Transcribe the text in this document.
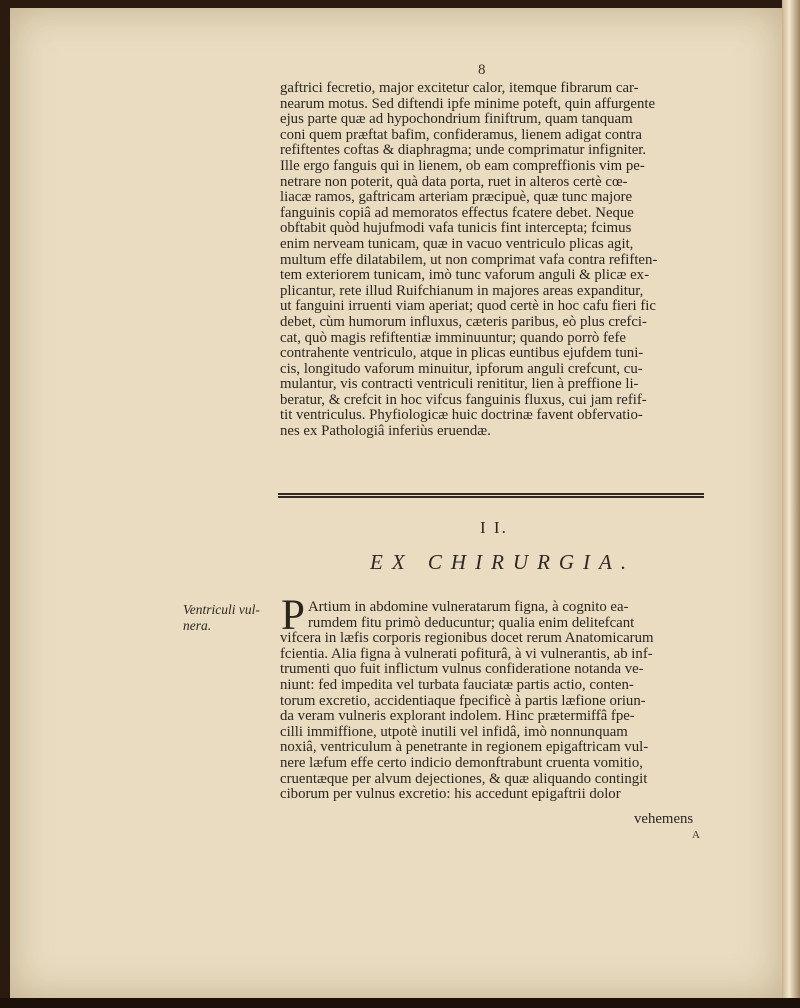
8
gaftrici fecretio, major excitetur calor, itemque fibrarum car-
nearum motus. Sed diftendi ipfe minime poteft, quin affurgente
ejus parte quæ ad hypochondrium finiftrum, quam tanquam
coni quem præftat bafim, confideramus, lienem adigat contra
refiftentes coftas & diaphragma; unde comprimatur infigniter.
Ille ergo fanguis qui in lienem, ob eam compreffionis vim pe-
netrare non poterit, quà data porta, ruet in alteros certè cœ-
liacæ ramos, gaftricam arteriam præcipuè, quæ tunc majore
fanguinis copiâ ad memoratos effectus fcatere debet. Neque
obftabit quòd hujufmodi vafa tunicis fint intercepta; fcimus
enim nerveam tunicam, quæ in vacuo ventriculo plicas agit,
multum effe dilatabilem, ut non comprimat vafa contra refiften-
tem exteriorem tunicam, imò tunc vaforum anguli & plicæ ex-
plicantur, rete illud Ruifchianum in majores areas expanditur,
ut fanguini irruenti viam aperiat; quod certè in hoc cafu fieri fic
debet, cùm humorum influxus, cæteris paribus, eò plus crefci-
cat, quò magis refiftentiæ imminuuntur; quando porrò fefe
contrahente ventriculo, atque in plicas euntibus ejufdem tuni-
cis, longitudo vaforum minuitur, ipforum anguli crefcunt, cu-
mulantur, vis contracti ventriculi renititur, lien à preffione li-
beratur, & crefcit in hoc vifcus fanguinis fluxus, cui jam refif-
tit ventriculus. Phyfiologicæ huic doctrinæ favent obfervatio-
nes ex Pathologiâ inferiùs eruendæ.
I I.
EX CHIRURGIA.
Ventriculi vul-nera.	P Artium in abdomine vulneratarum figna, à cognito ea-
rumdem fitu primò deducuntur; qualia enim delitefcant
vifcera in læfis corporis regionibus docet rerum Anatomicarum
fcientia. Alia figna à vulnerati pofiturâ, à vi vulnerantis, ab inf-
trumenti quo fuit inflictum vulnus confideratione notanda ve-
niunt: fed impedita vel turbata fauciatæ partis actio, conten-
torum excretio, accidentiaque fpecificè à partis læfione oriun-
da veram vulneris explorant indolem. Hinc prætermiffâ fpe-
cilli immiffione, utpotè inutili vel infidâ, imò nonnunquam
noxiâ, ventriculum à penetrante in regionem epigaftricam vul-
nere læfum effe certo indicio demonftrabunt cruenta vomitio,
cruentæque per alvum dejectiones, & quæ aliquando contingit
ciborum per vulnus excretio: his accedunt epigaftrii dolor
vehemens
A
